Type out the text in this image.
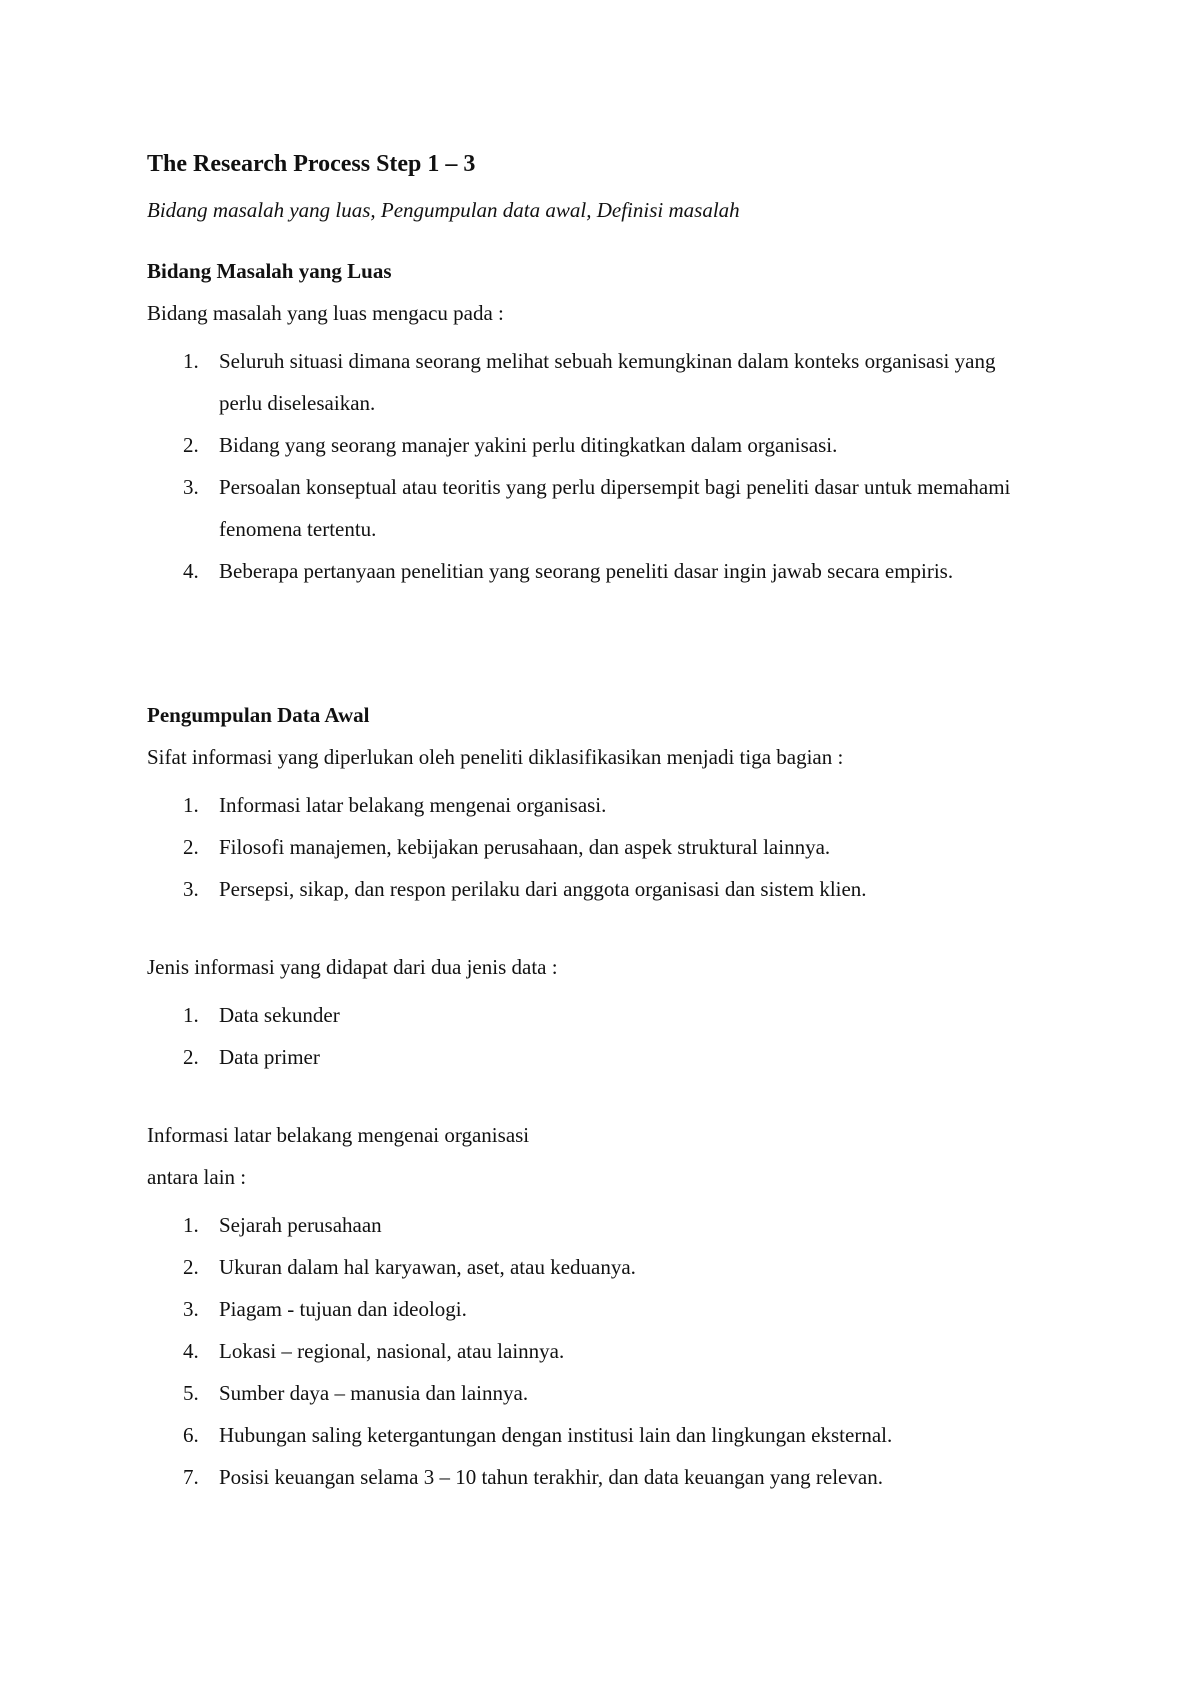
The Research Process Step 1 – 3
Bidang masalah yang luas, Pengumpulan data awal, Definisi masalah
Bidang Masalah yang Luas
Bidang masalah yang luas mengacu pada :
1. Seluruh situasi dimana seorang melihat sebuah kemungkinan dalam konteks organisasi yang perlu diselesaikan.
2. Bidang yang seorang manajer yakini perlu ditingkatkan dalam organisasi.
3. Persoalan konseptual atau teoritis yang perlu dipersempit bagi peneliti dasar untuk memahami fenomena tertentu.
4. Beberapa pertanyaan penelitian yang seorang peneliti dasar ingin jawab secara empiris.
Pengumpulan Data Awal
Sifat informasi yang diperlukan oleh peneliti diklasifikasikan menjadi tiga bagian :
1. Informasi latar belakang mengenai organisasi.
2. Filosofi manajemen, kebijakan perusahaan, dan aspek struktural lainnya.
3. Persepsi, sikap, dan respon perilaku dari anggota organisasi dan sistem klien.
Jenis informasi yang didapat dari dua jenis data :
1. Data sekunder
2. Data primer
Informasi latar belakang mengenai organisasi
antara lain :
1. Sejarah perusahaan
2. Ukuran dalam hal karyawan, aset, atau keduanya.
3. Piagam - tujuan dan ideologi.
4. Lokasi – regional, nasional, atau lainnya.
5. Sumber daya – manusia dan lainnya.
6. Hubungan saling ketergantungan dengan institusi lain dan lingkungan eksternal.
7. Posisi keuangan selama 3 – 10 tahun terakhir, dan data keuangan yang relevan.
